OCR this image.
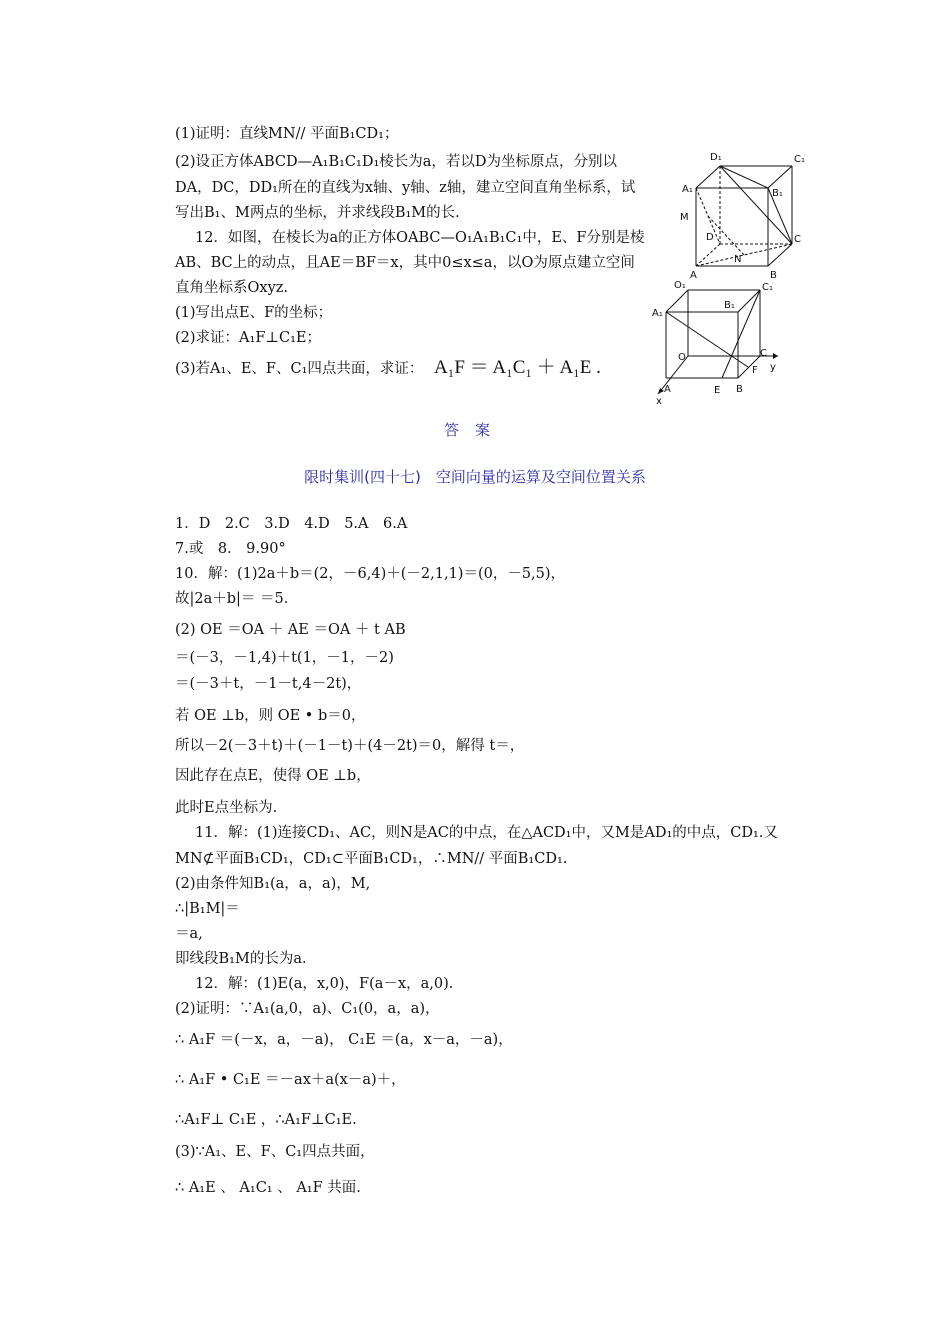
(1)证明：直线MN// 平面B₁CD₁；
(2)设正方体ABCD—A₁B₁C₁D₁棱长为a，若以D为坐标原点，分别以
DA，DC，DD₁所在的直线为x轴、y轴、z轴，建立空间直角坐标系，试
写出B₁、M两点的坐标，并求线段B₁M的长.
12．如图，在棱长为a的正方体OABC—O₁A₁B₁C₁中，E、F分别是棱
AB、BC上的动点，且AE＝BF＝x，其中0≤x≤a，以O为原点建立空间
直角坐标系Oxyz.
(1)写出点E、F的坐标；
(2)求证：A₁F⊥C₁E；
(3)若A₁、E、F、C₁四点共面，求证： A₁F ＝ A₁C₁ ＋ A₁E .
D₁	C₁
A₁	B₁
M
D	C
N
A	B
O₁	C₁
B₁
A₁
O	C
y
F
A	E B
x
答案
限时集训(四十七)　空间向量的运算及空间位置关系
1．D　2.C　3.D　4.D　5.A　6.A
7.或　8.　9.90°
10．解：(1)2a＋b＝(2，－6,4)＋(－2,1,1)＝(0，－5,5)，
故|2a＋b|＝ ＝5.
(2) OE ＝OA ＋ AE ＝OA ＋ t AB
＝(－3，－1,4)＋t(1，－1，－2)
＝(－3＋t，－1－t,4－2t)，
若 OE ⊥b，则 OE • b＝0，
所以－2(－3＋t)＋(－1－t)＋(4－2t)＝0，解得 t＝，
因此存在点E，使得 OE ⊥b，
此时E点坐标为.
11．解：(1)连接CD₁、AC，则N是AC的中点，在△ACD₁中，又M是AD₁的中点，CD₁.又
MN⊄平面B₁CD₁，CD₁⊂平面B₁CD₁，∴MN// 平面B₁CD₁.
(2)由条件知B₁(a，a，a)，M,
∴|B₁M|＝
＝a,
即线段B₁M的长为a.
12．解：(1)E(a，x,0)，F(a－x，a,0)．
(2)证明：∵A₁(a,0，a)、C₁(0，a，a)，
∴ A₁F ＝(－x，a，－a)， C₁E ＝(a，x－a，－a)，
∴ A₁F • C₁E ＝－ax＋a(x－a)＋，
∴A₁F⊥ C₁E ，∴A₁F⊥C₁E.
(3)∵A₁、E、F、C₁四点共面，
∴ A₁E 、 A₁C₁ 、 A₁F 共面.
